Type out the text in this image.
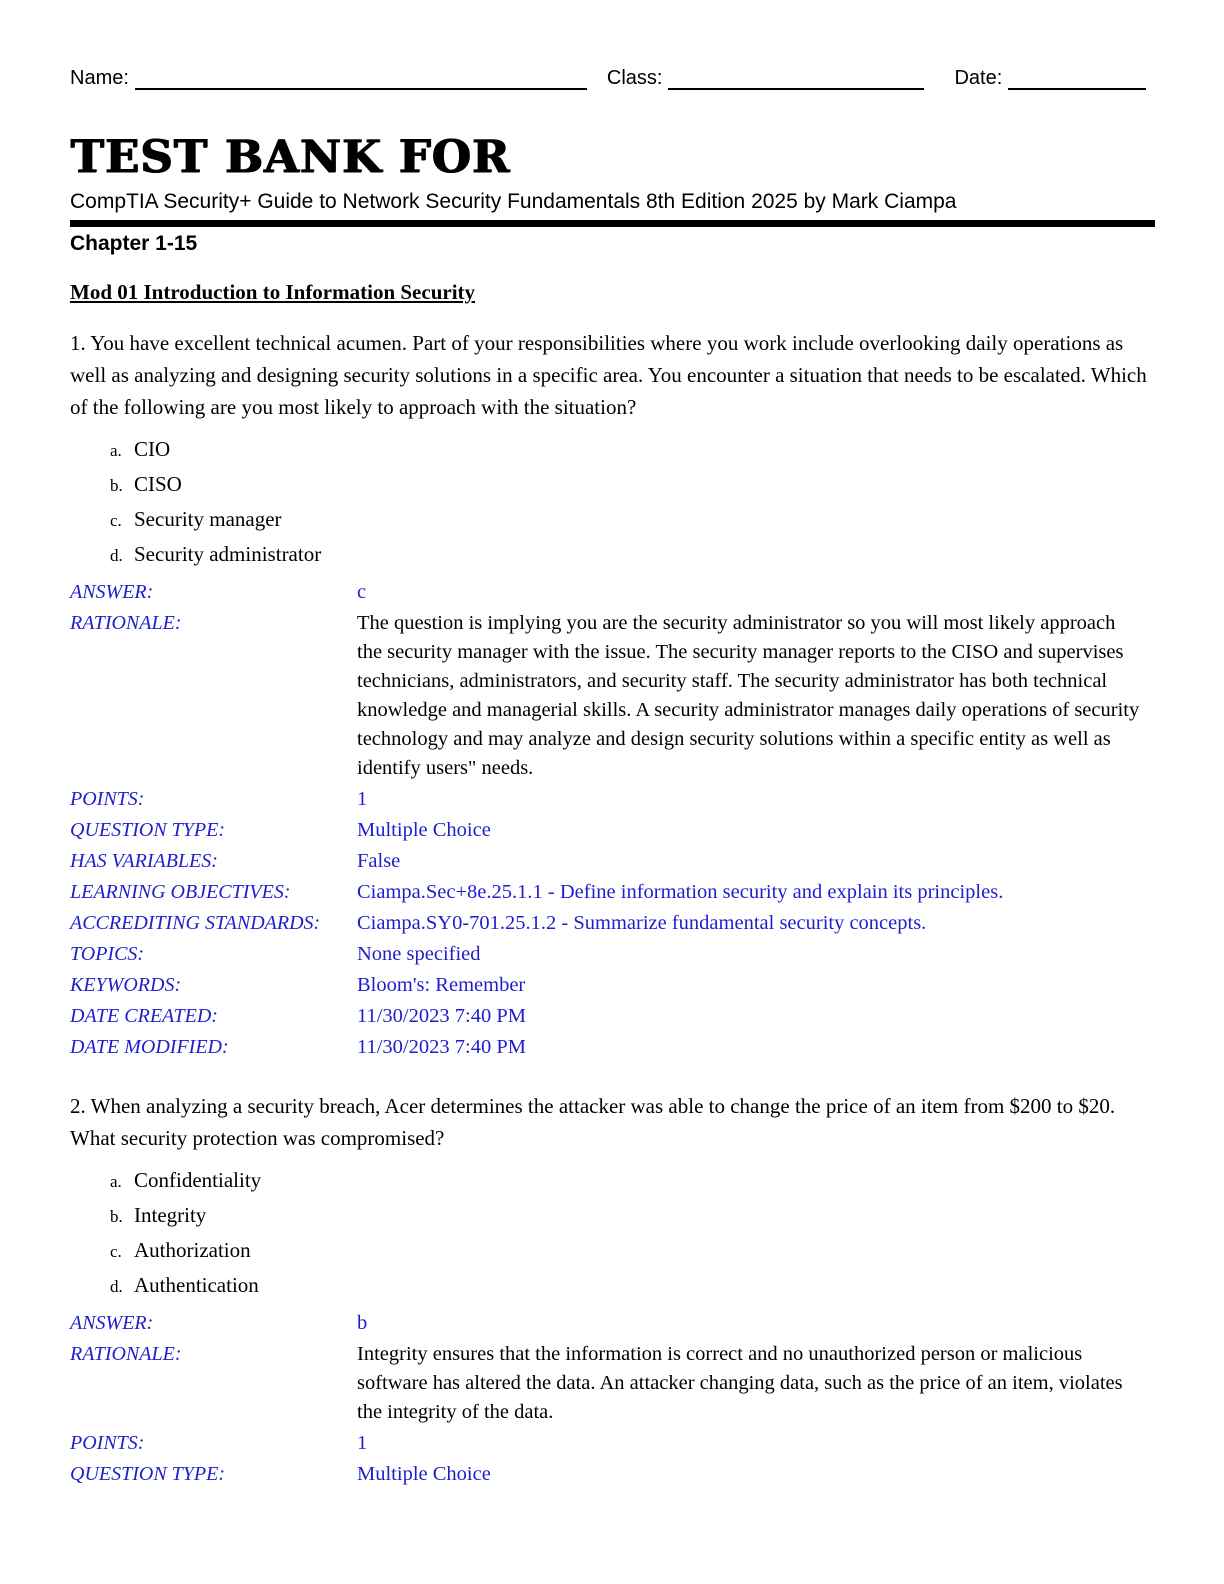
Name:	Class:	Date:
TEST BANK FOR
CompTIA Security+ Guide to Network Security Fundamentals 8th Edition 2025 by Mark Ciampa
Chapter 1-15
Mod 01 Introduction to Information Security
1. You have excellent technical acumen. Part of your responsibilities where you work include overlooking daily operations as well as analyzing and designing security solutions in a specific area. You encounter a situation that needs to be escalated. Which of the following are you most likely to approach with the situation?
a. CIO
b. CISO
c. Security manager
d. Security administrator
ANSWER:	c
RATIONALE:	The question is implying you are the security administrator so you will most likely approach the security manager with the issue. The security manager reports to the CISO and supervises technicians, administrators, and security staff. The security administrator has both technical knowledge and managerial skills. A security administrator manages daily operations of security technology and may analyze and design security solutions within a specific entity as well as identify users" needs.
POINTS:	1
QUESTION TYPE:	Multiple Choice
HAS VARIABLES:	False
LEARNING OBJECTIVES:	Ciampa.Sec+8e.25.1.1 - Define information security and explain its principles.
ACCREDITING STANDARDS:	Ciampa.SY0-701.25.1.2 - Summarize fundamental security concepts.
TOPICS:	None specified
KEYWORDS:	Bloom's: Remember
DATE CREATED:	11/30/2023 7:40 PM
DATE MODIFIED:	11/30/2023 7:40 PM
2. When analyzing a security breach, Acer determines the attacker was able to change the price of an item from $200 to $20. What security protection was compromised?
a. Confidentiality
b. Integrity
c. Authorization
d. Authentication
ANSWER:	b
RATIONALE:	Integrity ensures that the information is correct and no unauthorized person or malicious software has altered the data. An attacker changing data, such as the price of an item, violates the integrity of the data.
POINTS:	1
QUESTION TYPE:	Multiple Choice
